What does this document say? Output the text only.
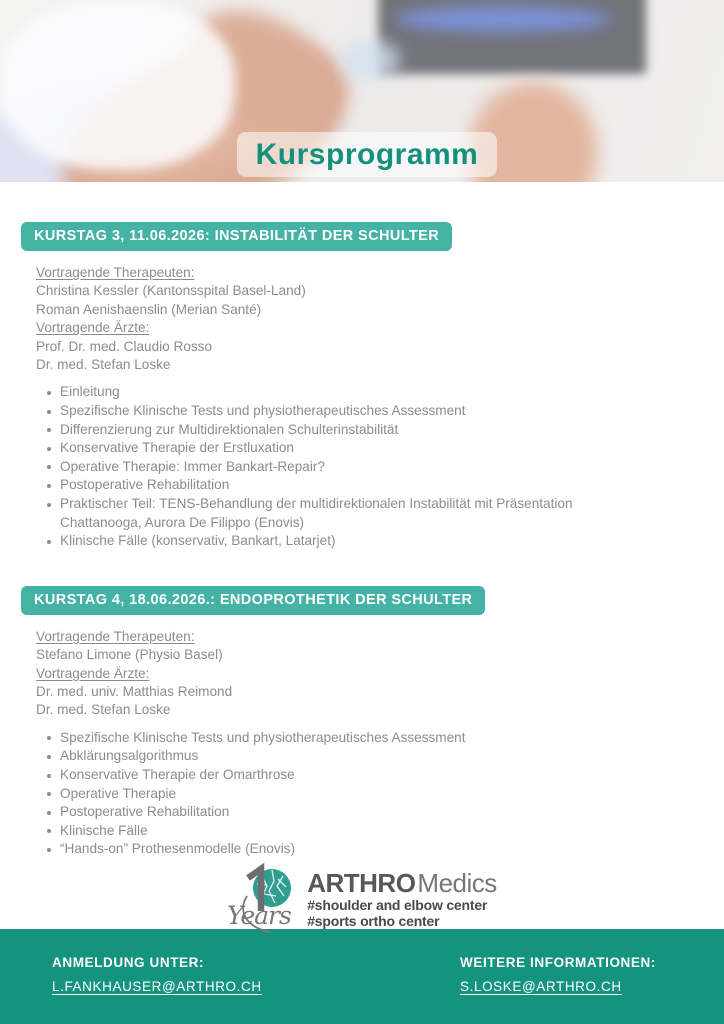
Kursprogramm
KURSTAG 3, 11.06.2026: INSTABILITÄT DER SCHULTER
Vortragende Therapeuten:
Christina Kessler (Kantonsspital Basel-Land)
Roman Aenishaenslin (Merian Santé)
Vortragende Ärzte:
Prof. Dr. med. Claudio Rosso
Dr. med. Stefan Loske
Einleitung
Spezifische Klinische Tests und physiotherapeutisches Assessment
Differenzierung zur Multidirektionalen Schulterinstabilität
Konservative Therapie der Erstluxation
Operative Therapie: Immer Bankart-Repair?
Postoperative Rehabilitation
Praktischer Teil: TENS-Behandlung der multidirektionalen Instabilität mit Präsentation Chattanooga, Aurora De Filippo (Enovis)
Klinische Fälle (konservativ, Bankart, Latarjet)
KURSTAG 4, 18.06.2026.: ENDOPROTHETIK DER SCHULTER
Vortragende Therapeuten:
Stefano Limone (Physio Basel)
Vortragende Ärzte:
Dr. med. univ. Matthias Reimond
Dr. med. Stefan Loske
Spezifische Klinische Tests und physiotherapeutisches Assessment
Abklärungsalgorithmus
Konservative Therapie der Omarthrose
Operative Therapie
Postoperative Rehabilitation
Klinische Fälle
“Hands-on” Prothesenmodelle (Enovis)
Years
ARTHROMedics
#shoulder and elbow center
#sports ortho center
ANMELDUNG UNTER:
L.FANKHAUSER@ARTHRO.CH
WEITERE INFORMATIONEN:
S.LOSKE@ARTHRO.CH
